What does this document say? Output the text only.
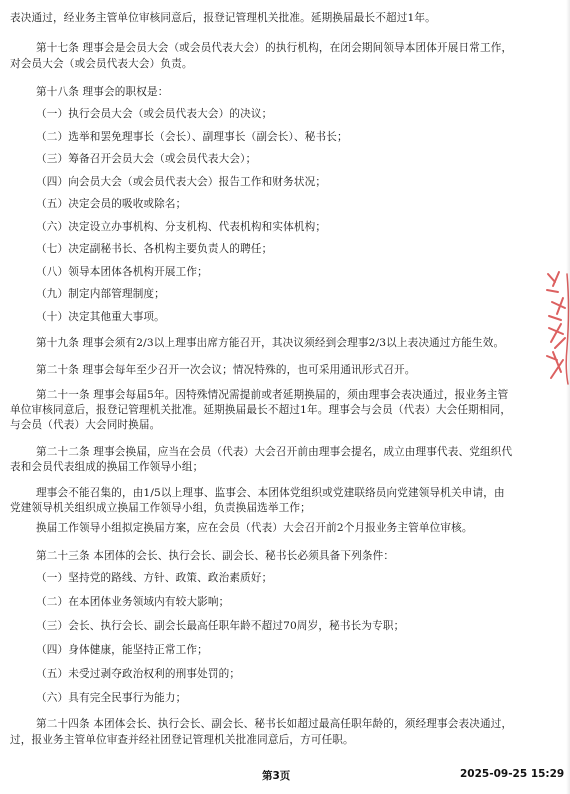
表决通过，经业务主管单位审核同意后，报登记管理机关批准。延期换届最长不超过1年。
第十七条 理事会是会员大会（或会员代表大会）的执行机构，在闭会期间领导本团体开展日常工作，
对会员大会（或会员代表大会）负责。
第十八条 理事会的职权是：
（一）执行会员大会（或会员代表大会）的决议；
（二）选举和罢免理事长（会长）、副理事长（副会长）、秘书长；
（三）筹备召开会员大会（或会员代表大会）；
（四）向会员大会（或会员代表大会）报告工作和财务状况；
（五）决定会员的吸收或除名；
（六）决定设立办事机构、分支机构、代表机构和实体机构；
（七）决定副秘书长、各机构主要负责人的聘任；
（八）领导本团体各机构开展工作；
（九）制定内部管理制度；
（十）决定其他重大事项。
第十九条 理事会须有2/3以上理事出席方能召开，其决议须经到会理事2/3以上表决通过方能生效。
第二十条 理事会每年至少召开一次会议；情况特殊的，也可采用通讯形式召开。
第二十一条 理事会每届5年。因特殊情况需提前或者延期换届的，须由理事会表决通过，报业务主管
单位审核同意后，报登记管理机关批准。延期换届最长不超过1年。理事会与会员（代表）大会任期相同，
与会员（代表）大会同时换届。
第二十二条 理事会换届，应当在会员（代表）大会召开前由理事会提名，成立由理事代表、党组织代
表和会员代表组成的换届工作领导小组；
理事会不能召集的，由1/5以上理事、监事会、本团体党组织或党建联络员向党建领导机关申请，由
党建领导机关组织成立换届工作领导小组，负责换届选举工作；
换届工作领导小组拟定换届方案，应在会员（代表）大会召开前2个月报业务主管单位审核。
第二十三条 本团体的会长、执行会长、副会长、秘书长必须具备下列条件：
（一）坚持党的路线、方针、政策、政治素质好；
（二）在本团体业务领域内有较大影响；
（三）会长、执行会长、副会长最高任职年龄不超过70周岁，秘书长为专职；
（四）身体健康，能坚持正常工作；
（五）未受过剥夺政治权利的刑事处罚的；
（六）具有完全民事行为能力；
第二十四条 本团体会长、执行会长、副会长、秘书长如超过最高任职年龄的，须经理事会表决通过，
过，报业务主管单位审查并经社团登记管理机关批准同意后，方可任职。
第3页	2025-09-25 15:29
